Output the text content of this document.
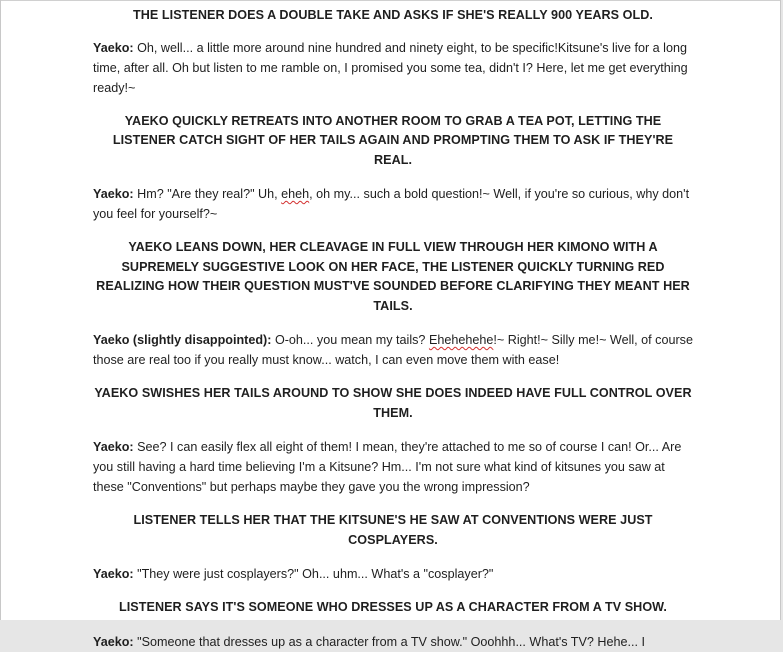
THE LISTENER DOES A DOUBLE TAKE AND ASKS IF SHE'S REALLY 900 YEARS OLD.

Yaeko: Oh, well... a little more around nine hundred and ninety eight, to be specific!Kitsune's live for a long time, after all. Oh but listen to me ramble on, I promised you some tea, didn't I? Here, let me get everything ready!~

YAEKO QUICKLY RETREATS INTO ANOTHER ROOM TO GRAB A TEA POT, LETTING THE LISTENER CATCH SIGHT OF HER TAILS AGAIN AND PROMPTING THEM TO ASK IF THEY'RE REAL.

Yaeko: Hm? "Are they real?" Uh, eheh, oh my... such a bold question!~ Well, if you're so curious, why don't you feel for yourself?~

YAEKO LEANS DOWN, HER CLEAVAGE IN FULL VIEW THROUGH HER KIMONO WITH A SUPREMELY SUGGESTIVE LOOK ON HER FACE, THE LISTENER QUICKLY TURNING RED REALIZING HOW THEIR QUESTION MUST'VE SOUNDED BEFORE CLARIFYING THEY MEANT HER TAILS.

Yaeko (slightly disappointed): O-oh... you mean my tails? Ehehehehe!~ Right!~ Silly me!~ Well, of course those are real too if you really must know... watch, I can even move them with ease!

YAEKO SWISHES HER TAILS AROUND TO SHOW SHE DOES INDEED HAVE FULL CONTROL OVER THEM.

Yaeko: See? I can easily flex all eight of them! I mean, they're attached to me so of course I can! Or... Are you still having a hard time believing I'm a Kitsune? Hm... I'm not sure what kind of kitsunes you saw at these "Conventions" but perhaps maybe they gave you the wrong impression?

LISTENER TELLS HER THAT THE KITSUNE'S HE SAW AT CONVENTIONS WERE JUST COSPLAYERS.

Yaeko: "They were just cosplayers?" Oh... uhm... What's a "cosplayer?"

LISTENER SAYS IT'S SOMEONE WHO DRESSES UP AS A CHARACTER FROM A TV SHOW.

Yaeko: "Someone that dresses up as a character from a TV show." Ooohhh... What's TV? Hehe... I
